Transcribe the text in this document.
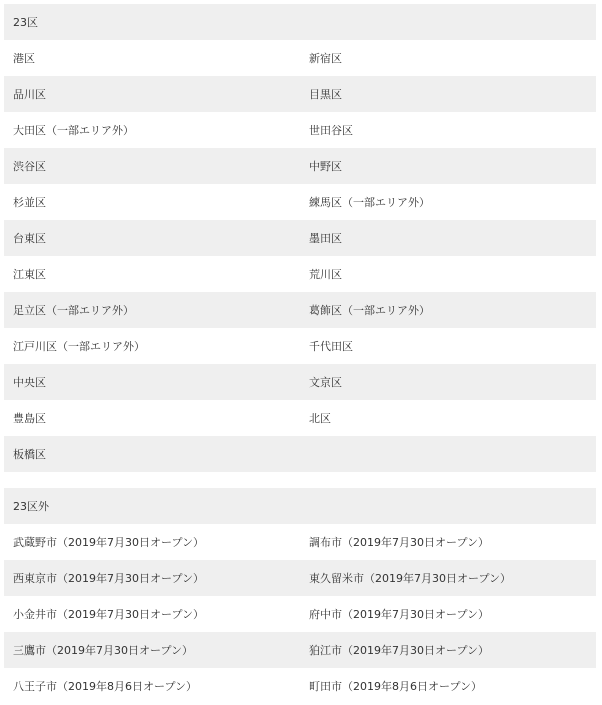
23区
港区	新宿区
品川区	目黒区
大田区（一部エリア外）	世田谷区
渋谷区	中野区
杉並区	練馬区（一部エリア外）
台東区	墨田区
江東区	荒川区
足立区（一部エリア外）	葛飾区（一部エリア外）
江戸川区（一部エリア外）	千代田区
中央区	文京区
豊島区	北区
板橋区
23区外
武蔵野市（2019年7月30日オープン）	調布市（2019年7月30日オープン）
西東京市（2019年7月30日オープン）	東久留米市（2019年7月30日オープン）
小金井市（2019年7月30日オープン）	府中市（2019年7月30日オープン）
三鷹市（2019年7月30日オープン）	狛江市（2019年7月30日オープン）
八王子市（2019年8月6日オープン）	町田市（2019年8月6日オープン）
